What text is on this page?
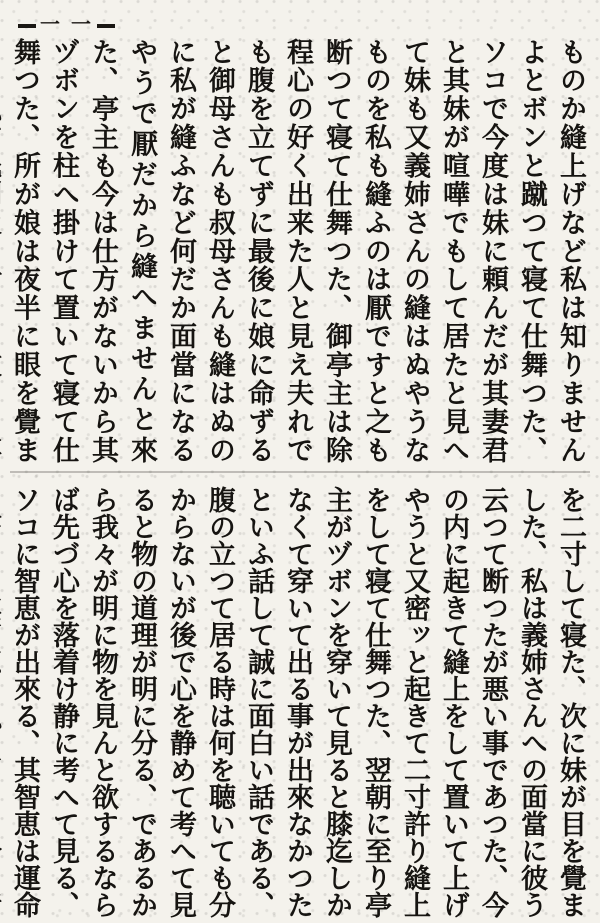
一 一
ものか縫上げなど私は知りませんよとボンと蹴つて寝て仕舞つた、ソコで今度は妹に頼んだが其妻君と其妹が喧嘩でもして居たと見へて妹も又義姉さんの縫はぬやうなものを私も縫ふのは厭ですと之も断つて寝て仕舞つた、御亭主は除程心の好く出来た人と見え夫れでも腹を立てずに最後に娘に命ずると御母さんも叔母さんも縫はぬのに私が縫ふなど何だか面當になるやうで厭だから縫へませんと來た、亭主も今は仕方がないから其ヅボンを柱へ掛けて置いて寝て仕舞つた、所が娘は夜半に眼を覺ま
を二寸して寝た、次に妹が目を覺ました、私は義姉さんへの面當に彼う云つて断つたが悪い事であつた、今の内に起きて縫上をして置いて上げやうと又密ッと起きて二寸許り縫上をして寝て仕舞つた、翌朝に至り亭主がヅボンを穿いて見ると膝迄しかなくて穿いて出る事が出來なかつたといふ話して誠に面白い話である、腹の立つて居る時は何を聴いても分からないが後で心を静めて考へて見ると物の道理が明に分る、であるから我々が明に物を見んと欲するならば先づ心を落着け静に考へて見る、ソコに智恵が出來る、其智恵は運命
